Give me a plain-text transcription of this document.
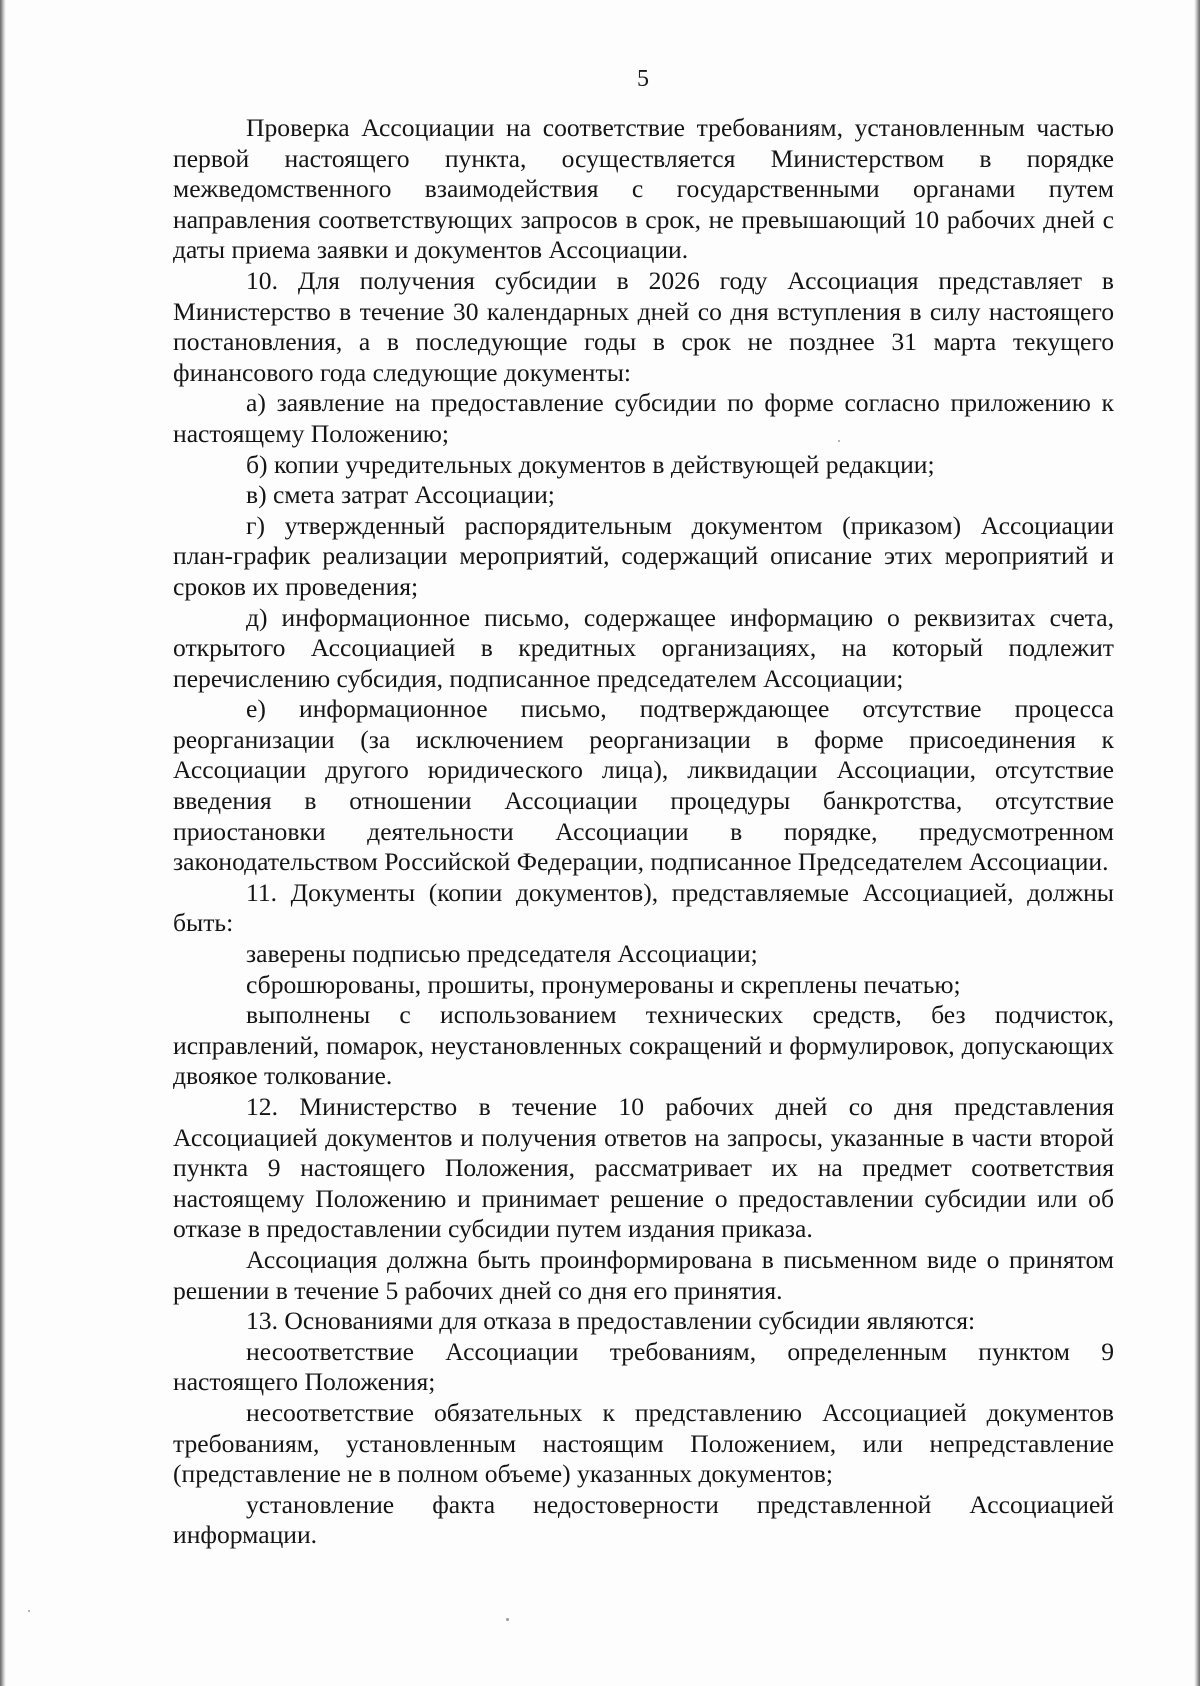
5

Проверка Ассоциации на соответствие требованиям, установленным частью первой настоящего пункта, осуществляется Министерством в порядке межведомственного взаимодействия с государственными органами путем направления соответствующих запросов в срок, не превышающий 10 рабочих дней с даты приема заявки и документов Ассоциации.

10. Для получения субсидии в 2026 году Ассоциация представляет в Министерство в течение 30 календарных дней со дня вступления в силу настоящего постановления, а в последующие годы в срок не позднее 31 марта текущего финансового года следующие документы:

а) заявление на предоставление субсидии по форме согласно приложению к настоящему Положению;

б) копии учредительных документов в действующей редакции;

в) смета затрат Ассоциации;

г) утвержденный распорядительным документом (приказом) Ассоциации план-график реализации мероприятий, содержащий описание этих мероприятий и сроков их проведения;

д) информационное письмо, содержащее информацию о реквизитах счета, открытого Ассоциацией в кредитных организациях, на который подлежит перечислению субсидия, подписанное председателем Ассоциации;

е) информационное письмо, подтверждающее отсутствие процесса реорганизации (за исключением реорганизации в форме присоединения к Ассоциации другого юридического лица), ликвидации Ассоциации, отсутствие введения в отношении Ассоциации процедуры банкротства, отсутствие приостановки деятельности Ассоциации в порядке, предусмотренном законодательством Российской Федерации, подписанное Председателем Ассоциации.

11. Документы (копии документов), представляемые Ассоциацией, должны быть:

заверены подписью председателя Ассоциации;

сброшюрованы, прошиты, пронумерованы и скреплены печатью;

выполнены с использованием технических средств, без подчисток, исправлений, помарок, неустановленных сокращений и формулировок, допускающих двоякое толкование.

12. Министерство в течение 10 рабочих дней со дня представления Ассоциацией документов и получения ответов на запросы, указанные в части второй пункта 9 настоящего Положения, рассматривает их на предмет соответствия настоящему Положению и принимает решение о предоставлении субсидии или об отказе в предоставлении субсидии путем издания приказа.

Ассоциация должна быть проинформирована в письменном виде о принятом решении в течение 5 рабочих дней со дня его принятия.

13. Основаниями для отказа в предоставлении субсидии являются:

несоответствие Ассоциации требованиям, определенным пунктом 9 настоящего Положения;

несоответствие обязательных к представлению Ассоциацией документов требованиям, установленным настоящим Положением, или непредставление (представление не в полном объеме) указанных документов;

установление факта недостоверности представленной Ассоциацией информации.
